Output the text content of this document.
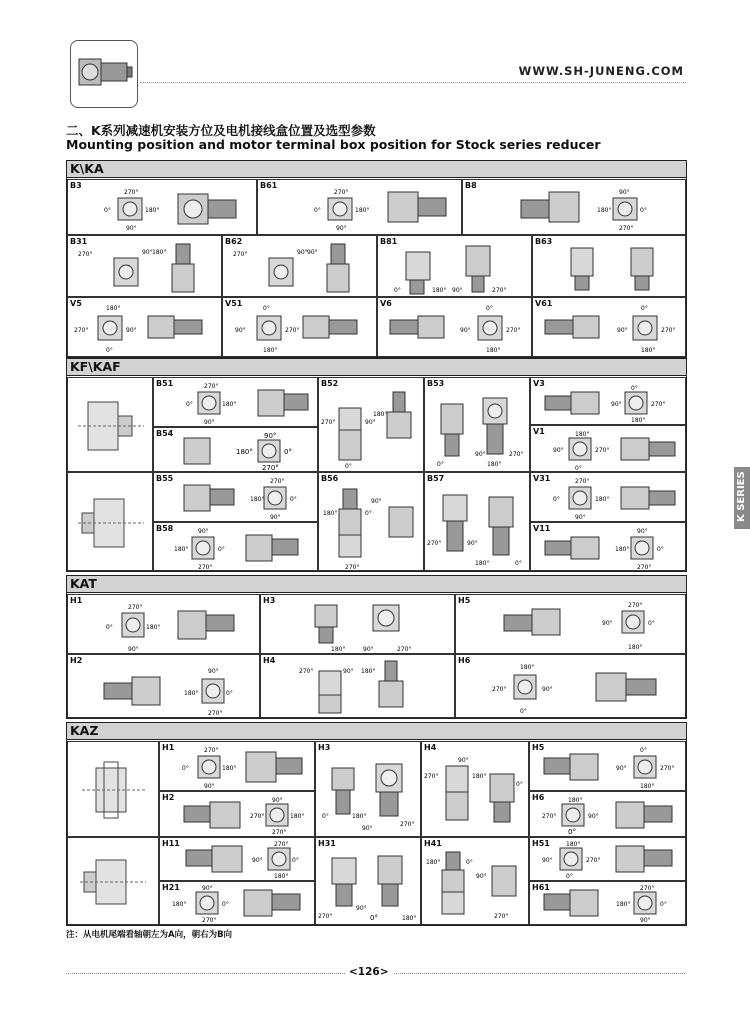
WWW.SH-JUNENG.COM
二、K系列减速机安装方位及电机接线盒位置及选型参数
Mounting position and motor terminal box position for Stock series reducer
K\KA
B3
270°
0°	180°
90°
B61
270°
0°	180°
90°
B8
90°
180°	0°
270°
B31
270°	90° 180°
B62
270°	90° 90°
B81
0°	180° 90°	270°
B63
V5
180°
270°	90°
0°
V51
0°
90°	270°
180°
V6
0°
90°	270°
180°
V61
0°
90°	270°
180°
KF\KAF
B51	270°
0°	180°
90°
B54	90°
180°	0°
270°
B52
270°	90°
180°
0°
B53
0°
90°
180°
270°
V3
0°
90°	270°
180°
V1	180°
90°	270°
0°
B55	270°
180°	0°
90°
B58	90°
180°	0°
270°
B56
180°	0°
90°
270°
B57
270°	90°
180°	0°
V31	270°
0°	180°
90°
V11	90°
180°	0°
270°
KAT
H1
270°
0°	180°
90°
H3
180°	90°	270°
H5
270°
90°	0°
180°
H2
90°
180°	0°
270°
H4
270°	90° 180°
H6
180°
270°	90°
0°
KAZ
H1	270°
0°	180°
90°
H2	90°
270°	180°
270°
H3
0°	180°
90°
270°
H4
270°
90°
180°
0°
H5	0°
90°	270°
180°
H6	180°
270°	90°
0°
H11	270°
90°	0°
180°
H21	90°
180°	0°
270°
H31
270°
90°
0°	180°
H41
180°	0°
90°
270°
H51	180°
90°	270°
0°
H61	270°
180°	0°
90°
K SERIES
注：从电机尾端看轴朝左为A向，朝右为B向
<126>
